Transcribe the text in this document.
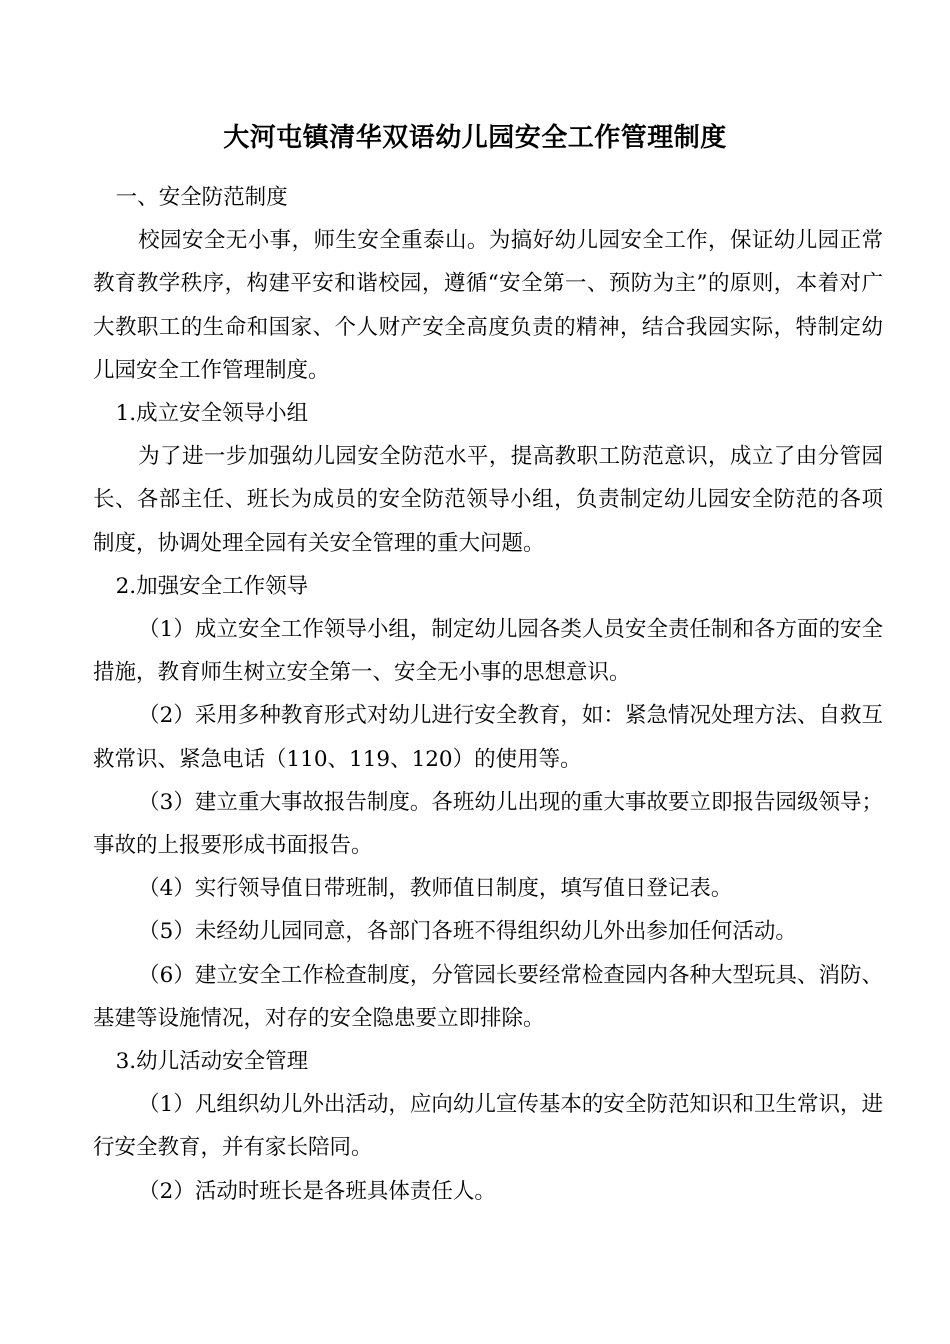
大河屯镇清华双语幼儿园安全工作管理制度

一、安全防范制度

校园安全无小事，师生安全重泰山。为搞好幼儿园安全工作，保证幼儿园正常教育教学秩序，构建平安和谐校园，遵循“安全第一、预防为主”的原则，本着对广大教职工的生命和国家、个人财产安全高度负责的精神，结合我园实际，特制定幼儿园安全工作管理制度。

1.成立安全领导小组

为了进一步加强幼儿园安全防范水平，提高教职工防范意识，成立了由分管园长、各部主任、班长为成员的安全防范领导小组，负责制定幼儿园安全防范的各项制度，协调处理全园有关安全管理的重大问题。

2.加强安全工作领导

（1）成立安全工作领导小组，制定幼儿园各类人员安全责任制和各方面的安全措施，教育师生树立安全第一、安全无小事的思想意识。

（2）采用多种教育形式对幼儿进行安全教育，如：紧急情况处理方法、自救互救常识、紧急电话（110、119、120）的使用等。

（3）建立重大事故报告制度。各班幼儿出现的重大事故要立即报告园级领导；事故的上报要形成书面报告。

（4）实行领导值日带班制，教师值日制度，填写值日登记表。

（5）未经幼儿园同意，各部门各班不得组织幼儿外出参加任何活动。

（6）建立安全工作检查制度，分管园长要经常检查园内各种大型玩具、消防、基建等设施情况，对存的安全隐患要立即排除。

3.幼儿活动安全管理

（1）凡组织幼儿外出活动，应向幼儿宣传基本的安全防范知识和卫生常识，进行安全教育，并有家长陪同。

（2）活动时班长是各班具体责任人。
